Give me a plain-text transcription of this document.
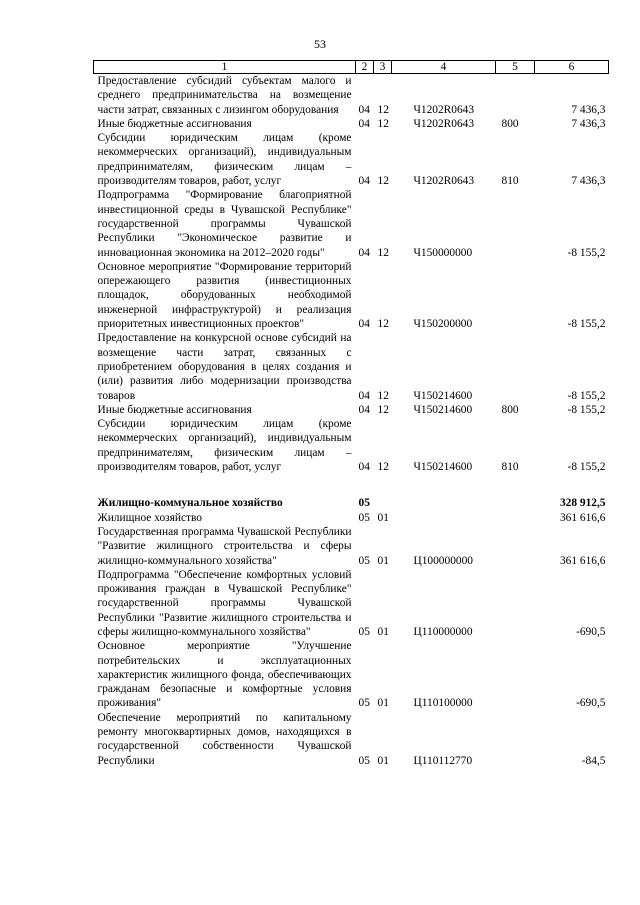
53
1	2	3	4	5	6
Предоставление субсидий субъектам малого и среднего предпринимательства на возмещение части затрат, связанных с лизингом оборудования	04	12	Ч1202R0643		7 436,3
Иные бюджетные ассигнования	04	12	Ч1202R0643	800	7 436,3
Субсидии юридическим лицам (кроме некоммерческих организаций), индивидуальным предпринимателям, физическим лицам – производителям товаров, работ, услуг	04	12	Ч1202R0643	810	7 436,3
Подпрограмма "Формирование благоприятной инвестиционной среды в Чувашской Республике" государственной программы Чувашской Республики "Экономическое развитие и инновационная экономика на 2012–2020 годы"	04	12	Ч150000000		-8 155,2
Основное мероприятие "Формирование территорий опережающего развития (инвестиционных площадок, оборудованных необходимой инженерной инфраструктурой) и реализация приоритетных инвестиционных проектов"	04	12	Ч150200000		-8 155,2
Предоставление на конкурсной основе субсидий на возмещение части затрат, связанных с приобретением оборудования в целях создания и (или) развития либо модернизации производства товаров	04	12	Ч150214600		-8 155,2
Иные бюджетные ассигнования	04	12	Ч150214600	800	-8 155,2
Субсидии юридическим лицам (кроме некоммерческих организаций), индивидуальным предпринимателям, физическим лицам – производителям товаров, работ, услуг	04	12	Ч150214600	810	-8 155,2

Жилищно-коммунальное хозяйство	05				328 912,5
Жилищное хозяйство	05	01			361 616,6
Государственная программа Чувашской Республики "Развитие жилищного строительства и сферы жилищно-коммунального хозяйства"	05	01	Ц100000000		361 616,6
Подпрограмма "Обеспечение комфортных условий проживания граждан в Чувашской Республике" государственной программы Чувашской Республики "Развитие жилищного строительства и сферы жилищно-коммунального хозяйства"	05	01	Ц110000000		-690,5
Основное мероприятие "Улучшение потребительских и эксплуатационных характеристик жилищного фонда, обеспечивающих гражданам безопасные и комфортные условия проживания"	05	01	Ц110100000		-690,5
Обеспечение мероприятий по капитальному ремонту многоквартирных домов, находящихся в государственной собственности Чувашской Республики	05	01	Ц110112770		-84,5
